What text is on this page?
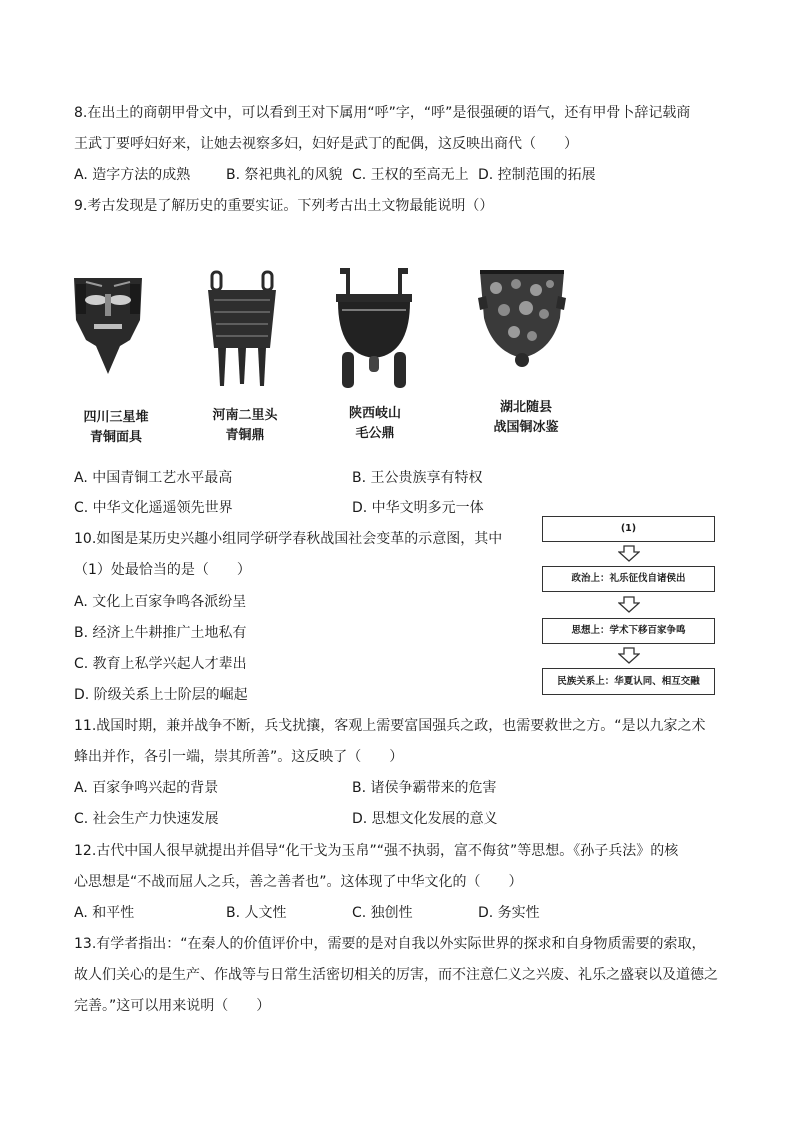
8.在出土的商朝甲骨文中，可以看到王对下属用“呼”字，“呼”是很强硬的语气，还有甲骨卜辞记载商
王武丁要呼妇好来，让她去视察多妇，妇好是武丁的配偶，这反映出商代（　　）
A. 造字方法的成熟	B. 祭祀典礼的风貌 C. 王权的至高无上 D. 控制范围的拓展
9.考古发现是了解历史的重要实证。下列考古出土文物最能说明（）
四川三星堆
青铜面具
河南二里头
青铜鼎
陕西岐山
毛公鼎
湖北随县
战国铜冰鉴
A. 中国青铜工艺水平最高	B. 王公贵族享有特权
C. 中华文化遥遥领先世界	D. 中华文明多元一体
10.如图是某历史兴趣小组同学研学春秋战国社会变革的示意图，其中
（1）处最恰当的是（　　）
A. 文化上百家争鸣各派纷呈
B. 经济上牛耕推广土地私有
C. 教育上私学兴起人才辈出
D. 阶级关系上士阶层的崛起
(1)
政治上：礼乐征伐自诸侯出
思想上：学术下移百家争鸣
民族关系上：华夏认同、相互交融
11.战国时期，兼并战争不断，兵戈扰攘，客观上需要富国强兵之政，也需要救世之方。“是以九家之术
蜂出并作，各引一端，崇其所善”。这反映了（　　）
A. 百家争鸣兴起的背景	B. 诸侯争霸带来的危害
C. 社会生产力快速发展	D. 思想文化发展的意义
12.古代中国人很早就提出并倡导“化干戈为玉帛”“强不执弱，富不侮贫”等思想。《孙子兵法》的核
心思想是“不战而屈人之兵，善之善者也”。这体现了中华文化的（　　）
A. 和平性	B. 人文性	C. 独创性	D. 务实性
13.有学者指出：“在秦人的价值评价中，需要的是对自我以外实际世界的探求和自身物质需要的索取，
故人们关心的是生产、作战等与日常生活密切相关的厉害，而不注意仁义之兴废、礼乐之盛衰以及道德之
完善。”这可以用来说明（　　）
